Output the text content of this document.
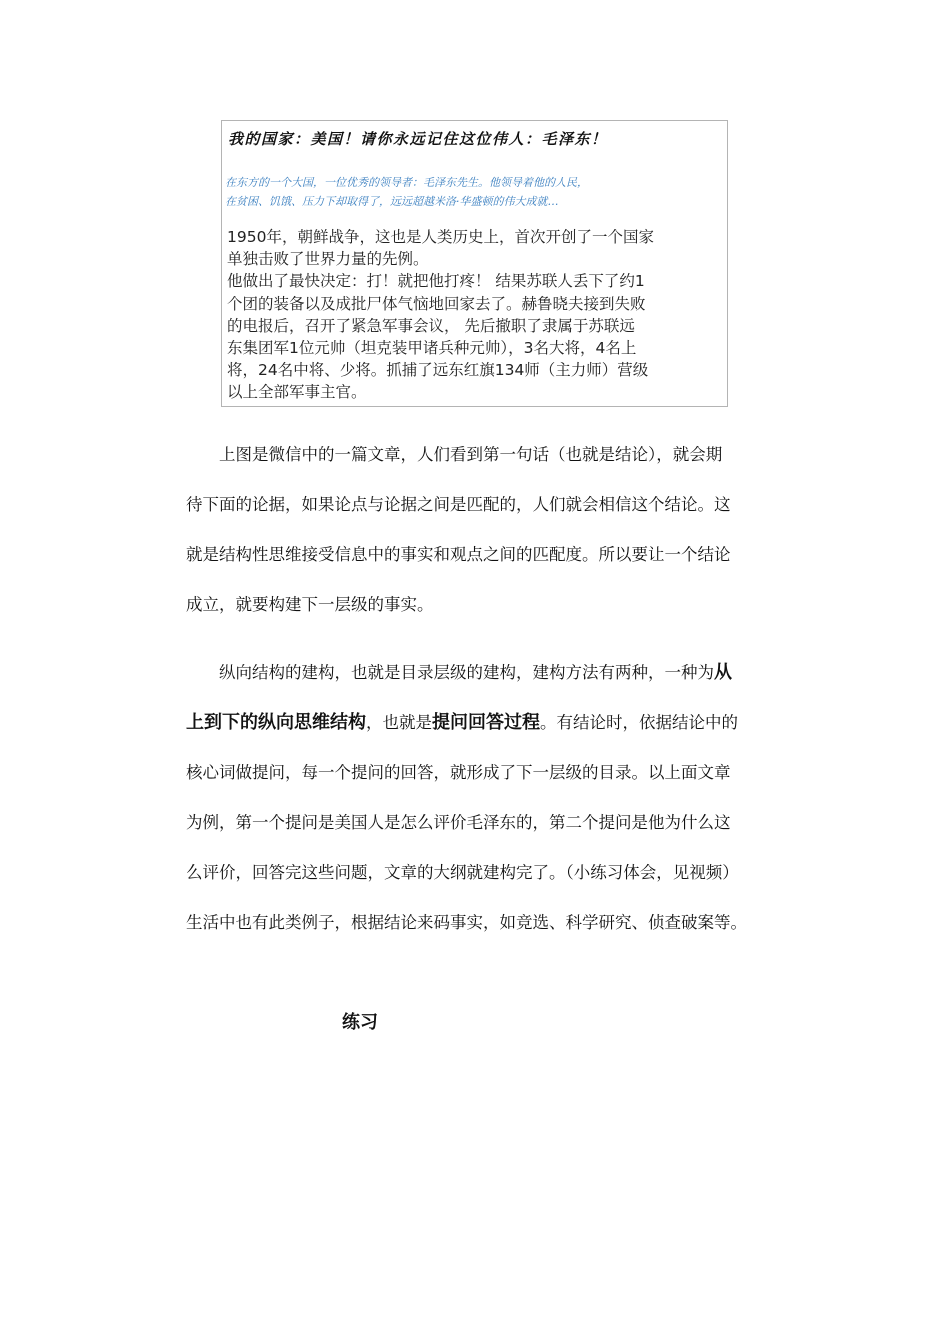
我的国家：美国！请你永远记住这位伟人：毛泽东！
在东方的一个大国，一位优秀的领导者：毛泽东先生。他领导着他的人民，
在贫困、饥饿、压力下却取得了，远远超越米洛·华盛顿的伟大成就…
1950年，朝鲜战争，这也是人类历史上，首次开创了一个国家
单独击败了世界力量的先例。
他做出了最快决定：打！就把他打疼！ 结果苏联人丢下了约1
个团的装备以及成批尸体气恼地回家去了。赫鲁晓夫接到失败
的电报后，召开了紧急军事会议， 先后撤职了隶属于苏联远
东集团军1位元帅（坦克装甲诸兵种元帅），3名大将，4名上
将，24名中将、少将。抓捕了远东红旗134师（主力师）营级
以上全部军事主官。
　　上图是微信中的一篇文章，人们看到第一句话（也就是结论），就会期
待下面的论据，如果论点与论据之间是匹配的，人们就会相信这个结论。这
就是结构性思维接受信息中的事实和观点之间的匹配度。所以要让一个结论
成立，就要构建下一层级的事实。
　　纵向结构的建构，也就是目录层级的建构，建构方法有两种，一种为从
上到下的纵向思维结构，也就是提问回答过程。有结论时，依据结论中的
核心词做提问，每一个提问的回答，就形成了下一层级的目录。以上面文章
为例，第一个提问是美国人是怎么评价毛泽东的，第二个提问是他为什么这
么评价，回答完这些问题，文章的大纲就建构完了。（小练习体会，见视频）
生活中也有此类例子，根据结论来码事实，如竞选、科学研究、侦查破案等。
练习
